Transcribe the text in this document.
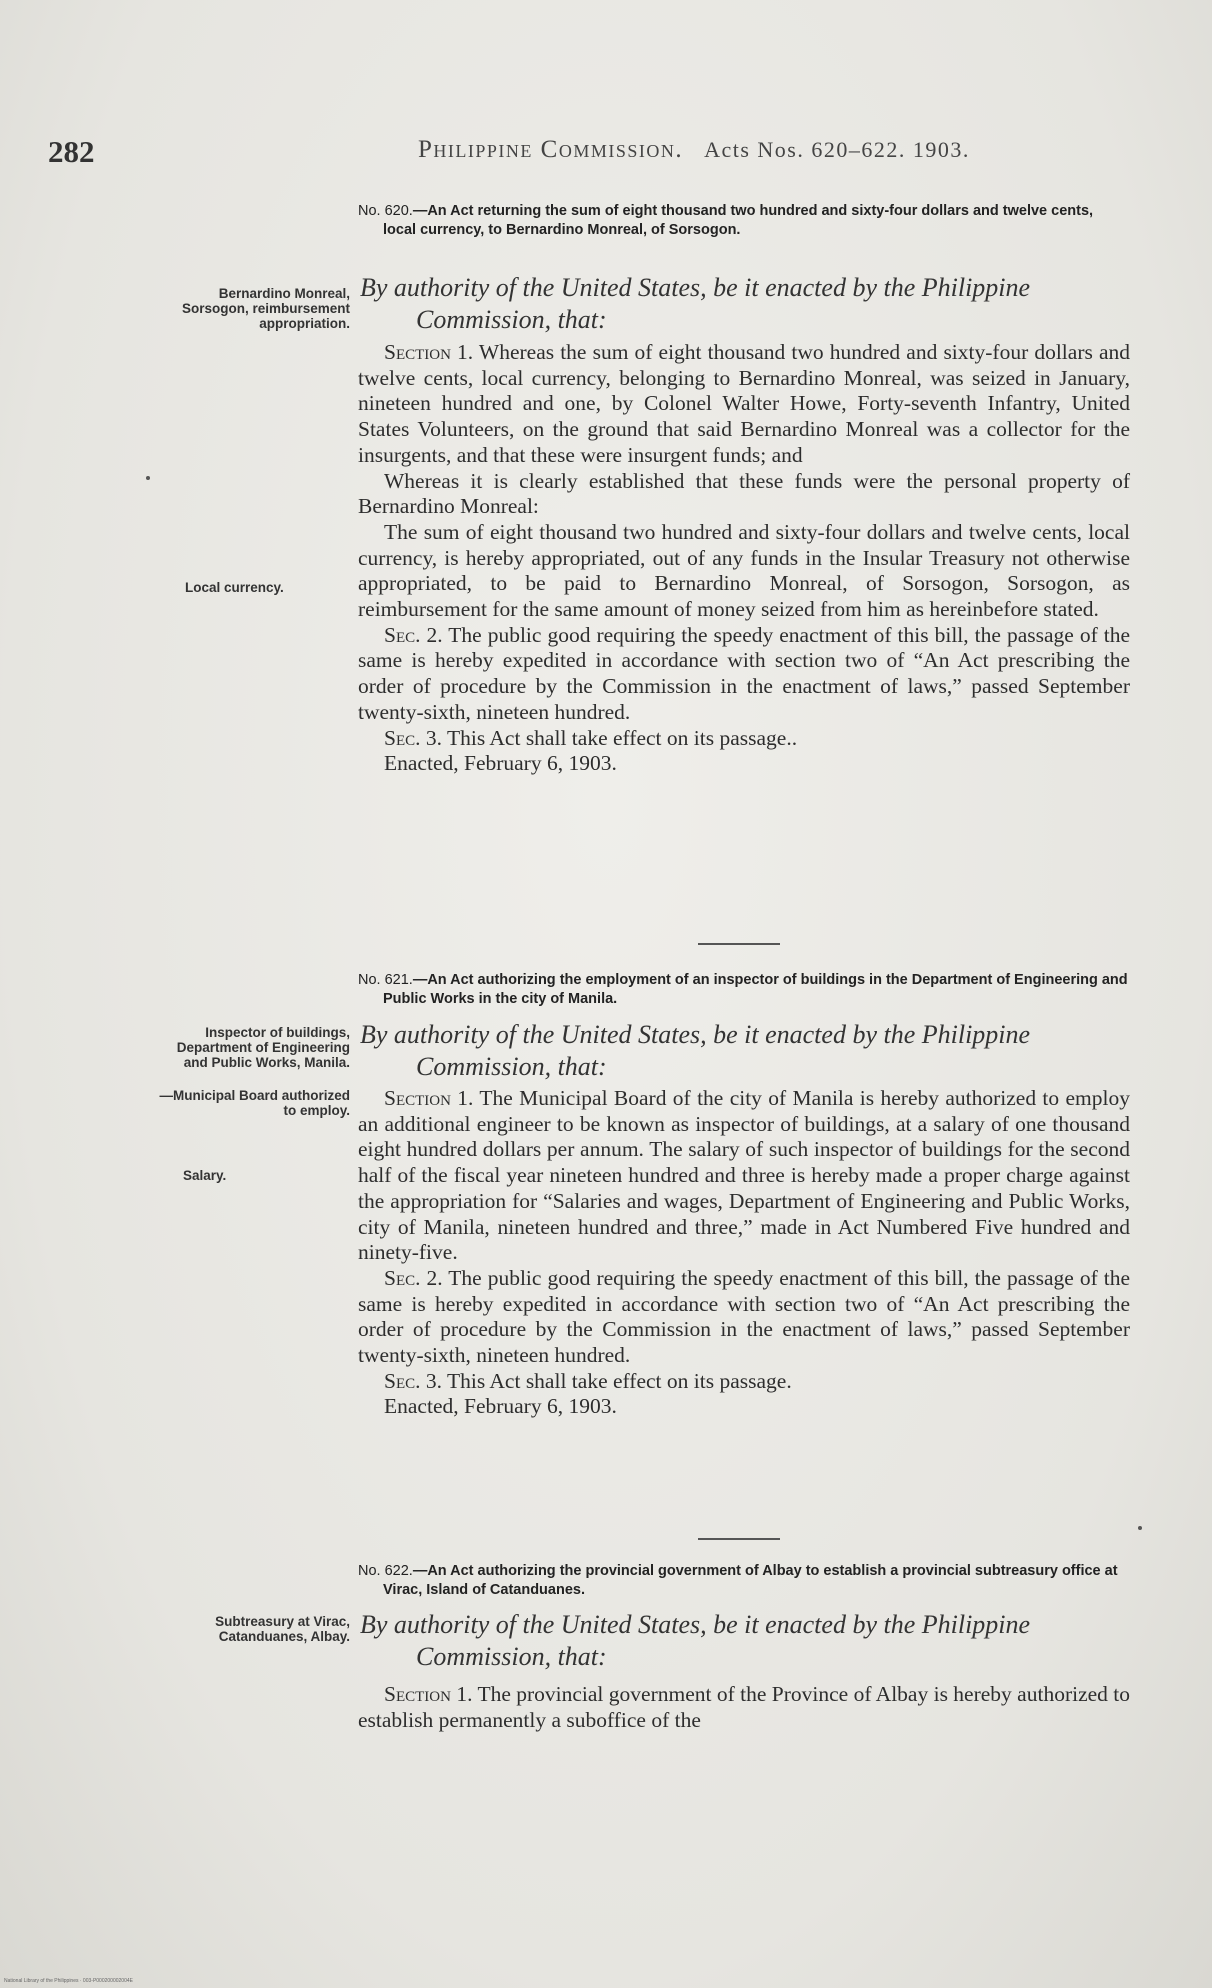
282	Philippine Commission. Acts Nos. 620–622. 1903.
No. 620.—An Act returning the sum of eight thousand two hundred and sixty-four dollars and twelve cents, local currency, to Bernardino Monreal, of Sorsogon.
Bernardino Monreal, Sorsogon, reimbursement appropriation.
By authority of the United States, be it enacted by the Philippine
Commission, that:
Local currency.

Section 1. Whereas the sum of eight thousand two hundred and sixty-four dollars and twelve cents, local currency, belonging to Bernardino Monreal, was seized in January, nineteen hundred and one, by Colonel Walter Howe, Forty-seventh Infantry, United States Volunteers, on the ground that said Bernardino Monreal was a collector for the insurgents, and that these were insurgent funds; and

Whereas it is clearly established that these funds were the personal property of Bernardino Monreal:

The sum of eight thousand two hundred and sixty-four dollars and twelve cents, local currency, is hereby appropriated, out of any funds in the Insular Treasury not otherwise appropriated, to be paid to Bernardino Monreal, of Sorsogon, Sorsogon, as reimbursement for the same amount of money seized from him as hereinbefore stated.

Sec. 2. The public good requiring the speedy enactment of this bill, the passage of the same is hereby expedited in accordance with section two of “An Act prescribing the order of procedure by the Commission in the enactment of laws,” passed September twenty-sixth, nineteen hundred.

Sec. 3. This Act shall take effect on its passage..

Enacted, February 6, 1903.

No. 621.—An Act authorizing the employment of an inspector of buildings in the Department of Engineering and Public Works in the city of Manila.
Inspector of buildings, Department of Engineering and Public Works, Manila.
By authority of the United States, be it enacted by the Philippine
Commission, that:
—Municipal Board authorized to employ.
Salary.

Section 1. The Municipal Board of the city of Manila is hereby authorized to employ an additional engineer to be known as inspector of buildings, at a salary of one thousand eight hundred dollars per annum. The salary of such inspector of buildings for the second half of the fiscal year nineteen hundred and three is hereby made a proper charge against the appropriation for “Salaries and wages, Department of Engineering and Public Works, city of Manila, nineteen hundred and three,” made in Act Numbered Five hundred and ninety-five.

Sec. 2. The public good requiring the speedy enactment of this bill, the passage of the same is hereby expedited in accordance with section two of “An Act prescribing the order of procedure by the Commission in the enactment of laws,” passed September twenty-sixth, nineteen hundred.

Sec. 3. This Act shall take effect on its passage.

Enacted, February 6, 1903.

No. 622.—An Act authorizing the provincial government of Albay to establish a provincial subtreasury office at Virac, Island of Catanduanes.
Subtreasury at Virac, Catanduanes, Albay. By authority of the United States, be it enacted by the Philippine
Commission, that:

Section 1. The provincial government of the Province of Albay is hereby authorized to establish permanently a suboffice of the

National Library of the Philippines · 003-P000200002004E
